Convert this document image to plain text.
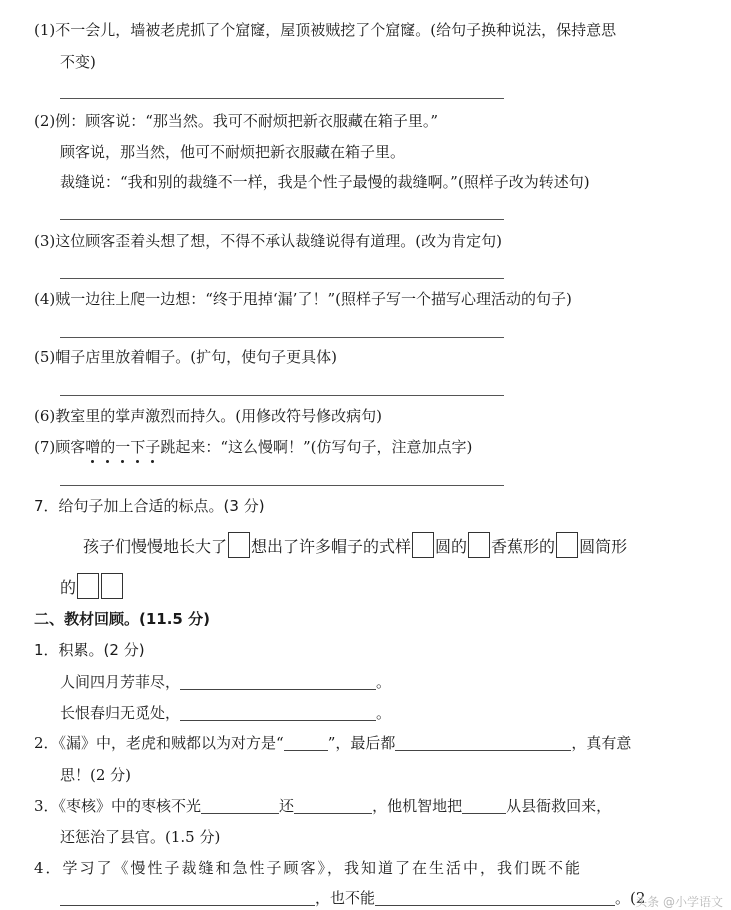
(1)不一会儿，墙被老虎抓了个窟窿，屋顶被贼挖了个窟窿。(给句子换种说法，保持意思
不变)
(2)例：顾客说：“那当然。我可不耐烦把新衣服藏在箱子里。”
顾客说，那当然，他可不耐烦把新衣服藏在箱子里。
裁缝说：“我和别的裁缝不一样，我是个性子最慢的裁缝啊。”(照样子改为转述句)
(3)这位顾客歪着头想了想，不得不承认裁缝说得有道理。(改为肯定句)
(4)贼一边往上爬一边想：“终于甩掉‘漏’了！”(照样子写一个描写心理活动的句子)
(5)帽子店里放着帽子。(扩句，使句子更具体)
(6)教室里的掌声激烈而持久。(用修改符号修改病句)
(7)顾客噌的一下子跳起来：“这么慢啊！”(仿写句子，注意加点字)
7．给句子加上合适的标点。(3 分)
孩子们慢慢地长大了 想出了许多帽子的式样 圆的 香蕉形的 圆筒形
的
二、教材回顾。(11.5 分)
1．积累。(2 分)
人间四月芳菲尽，	。
长恨春归无觅处，	。
2．《漏》中，老虎和贼都以为对方是“	”，最后都	，真有意
思！(2 分)
3．《枣核》中的枣核不光	还	，他机智地把	从县衙救回来，
还惩治了县官。(1.5 分)
4．学习了《慢性子裁缝和急性子顾客》，我知道了在生活中，我们既不能
，也不能	。(2
头条 @小学语文
